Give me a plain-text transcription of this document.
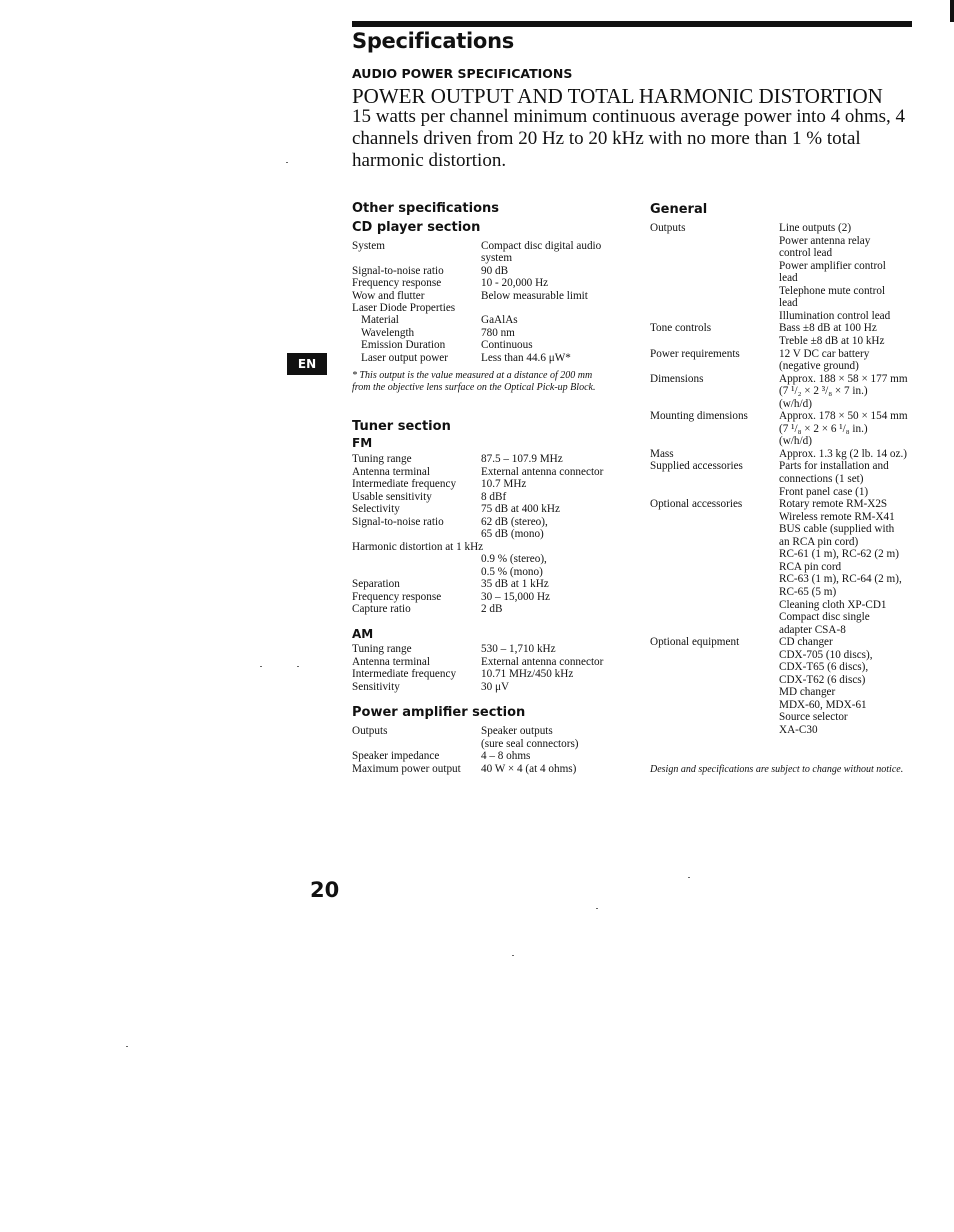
Specifications
AUDIO POWER SPECIFICATIONS
POWER OUTPUT AND TOTAL HARMONIC DISTORTION
15 watts per channel minimum continuous average power into 4 ohms, 4 channels driven from 20 Hz to 20 kHz with no more than 1 % total harmonic distortion.
Other specifications
CD player section
System	Compact disc digital audio
system
Signal-to-noise ratio	90 dB
Frequency response	10 - 20,000 Hz
Wow and flutter	Below measurable limit
Laser Diode Properties
Material	GaAlAs
Wavelength	780 nm
Emission Duration	Continuous
Laser output power	Less than 44.6 μW*
* This output is the value measured at a distance of 200 mm from the objective lens surface on the Optical Pick-up Block.
Tuner section
FM
Tuning range	87.5 – 107.9 MHz
Antenna terminal	External antenna connector
Intermediate frequency 10.7 MHz
Usable sensitivity	8 dBf
Selectivity	75 dB at 400 kHz
Signal-to-noise ratio	62 dB (stereo),
65 dB (mono)
Harmonic distortion at 1 kHz
0.9 % (stereo),
0.5 % (mono)
Separation	35 dB at 1 kHz
Frequency response	30 – 15,000 Hz
Capture ratio	2 dB
AM
Tuning range	530 – 1,710 kHz
Antenna terminal	External antenna connector
Intermediate frequency 10.71 MHz/450 kHz
Sensitivity	30 μV
Power amplifier section
Outputs	Speaker outputs
(sure seal connectors)
Speaker impedance	4 – 8 ohms
Maximum power output 40 W × 4 (at 4 ohms)
General
Outputs	Line outputs (2)
Power antenna relay
control lead
Power amplifier control
lead
Telephone mute control
lead
Illumination control lead
Tone controls	Bass ±8 dB at 100 Hz
Treble ±8 dB at 10 kHz
Power requirements	12 V DC car battery
(negative ground)
Dimensions	Approx. 188 × 58 × 177 mm
(7 ¹/₂ × 2 ³/₈ × 7 in.)
(w/h/d)
Mounting dimensions	Approx. 178 × 50 × 154 mm
(7 ¹/₈ × 2 × 6 ¹/₈ in.)
(w/h/d)
Mass	Approx. 1.3 kg (2 lb. 14 oz.)
Supplied accessories	Parts for installation and
connections (1 set)
Front panel case (1)
Optional accessories	Rotary remote RM-X2S
Wireless remote RM-X41
BUS cable (supplied with
an RCA pin cord)
RC-61 (1 m), RC-62 (2 m)
RCA pin cord
RC-63 (1 m), RC-64 (2 m),
RC-65 (5 m)
Cleaning cloth XP-CD1
Compact disc single
adapter CSA-8
Optional equipment	CD changer
CDX-705 (10 discs),
CDX-T65 (6 discs),
CDX-T62 (6 discs)
MD changer
MDX-60, MDX-61
Source selector
XA-C30
Design and specifications are subject to change without notice.
EN
20
